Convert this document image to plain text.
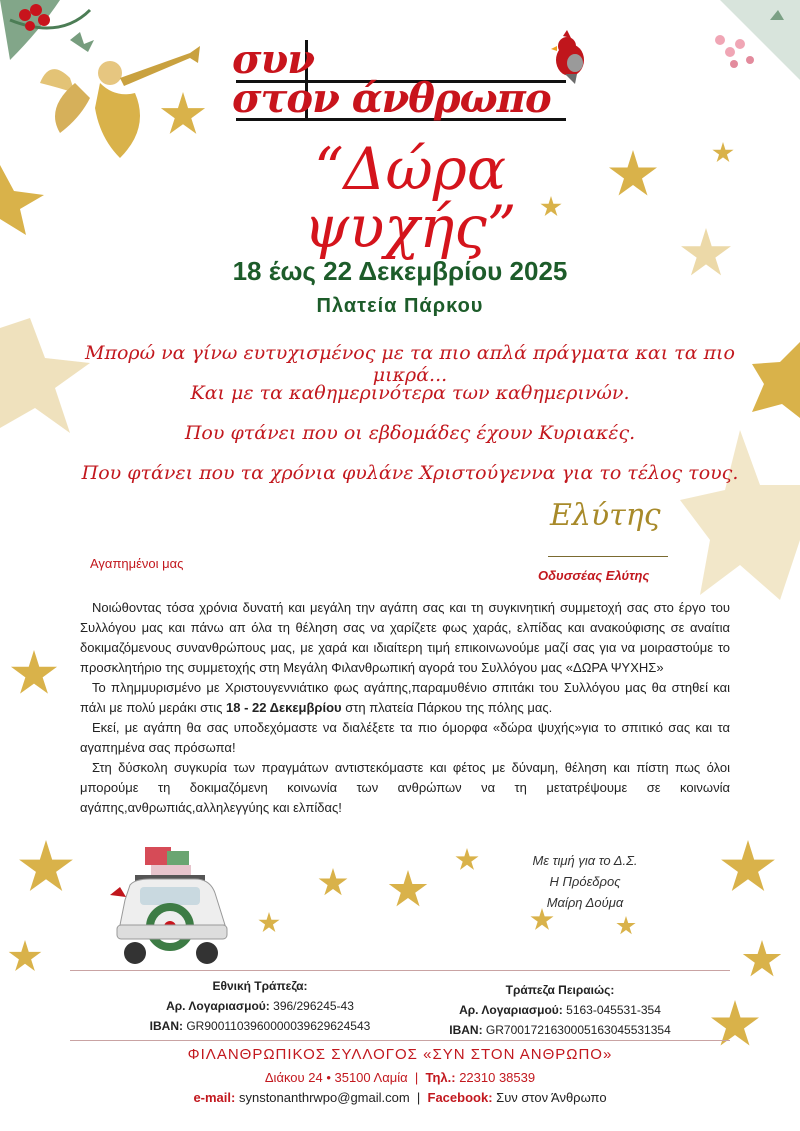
συν
στον άνθρωπο
“Δώρα ψυχής”
18 έως 22 Δεκεμβρίου 2025
Πλατεία Πάρκου
Μπορώ να γίνω ευτυχισμένος με τα πιο απλά πράγματα και τα πιο μικρά...
Και με τα καθημερινότερα των καθημερινών.
Που φτάνει που οι εβδομάδες έχουν Κυριακές.
Που φτάνει που τα χρόνια φυλάνε Χριστούγεννα για το τέλος τους.
Ελύτης
Οδυσσέας Ελύτης
Αγαπημένοι μας

Νοιώθοντας τόσα χρόνια δυνατή και μεγάλη την αγάπη σας και τη συγκινητική συμμετοχή σας στο έργο του Συλλόγου μας και πάνω απ όλα τη θέληση σας να χαρίζετε φως χαράς, ελπίδας και ανακούφισης σε αναίτια δοκιμαζόμενους συνανθρώπους μας, με χαρά και ιδιαίτερη τιμή επικοινωνούμε μαζί σας για να μοιραστούμε το προσκλητήριο της συμμετοχής στη Μεγάλη Φιλανθρωπική αγορά του Συλλόγου μας «ΔΩΡΑ ΨΥΧΗΣ»

Το πλημμυρισμένο με Χριστουγεννιάτικο φως αγάπης,παραμυθένιο σπιτάκι του Συλλόγου μας θα στηθεί και πάλι με πολύ μεράκι στις 18 - 22 Δεκεμβρίου στη πλατεία Πάρκου της πόλης μας.

Εκεί, με αγάπη θα σας υποδεχόμαστε να διαλέξετε τα πιο όμορφα «δώρα ψυχής»για το σπιτικό σας και τα αγαπημένα σας πρόσωπα!

Στη δύσκολη συγκυρία των πραγμάτων αντιστεκόμαστε και φέτος με δύναμη, θέληση και πίστη πως όλοι μπορούμε τη δοκιμαζόμενη κοινωνία των ανθρώπων να τη μετατρέψουμε σε κοινωνία αγάπης,ανθρωπιάς,αλληλεγγύης και ελπίδας!

Με τιμή για το Δ.Σ.
Η Πρόεδρος
Μαίρη Δούμα
Εθνική Τράπεζα:
Αρ. Λογαριασμού: 396/296245-43
IBAN: GR9001103960000039629624543
Τράπεζα Πειραιώς:
Αρ. Λογαριασμού: 5163-045531-354
IBAN: GR7001721630005163045531354
ΦΙΛΑΝΘΡΩΠΙΚΟΣ ΣΥΛΛΟΓΟΣ «ΣΥΝ ΣΤΟΝ ΑΝΘΡΩΠΟ»
Διάκου 24 • 35100 Λαμία  |  Τηλ.: 22310 38539
e-mail: synstonanthrwpo@gmail.com  |  Facebook: Συν στον Άνθρωπο
